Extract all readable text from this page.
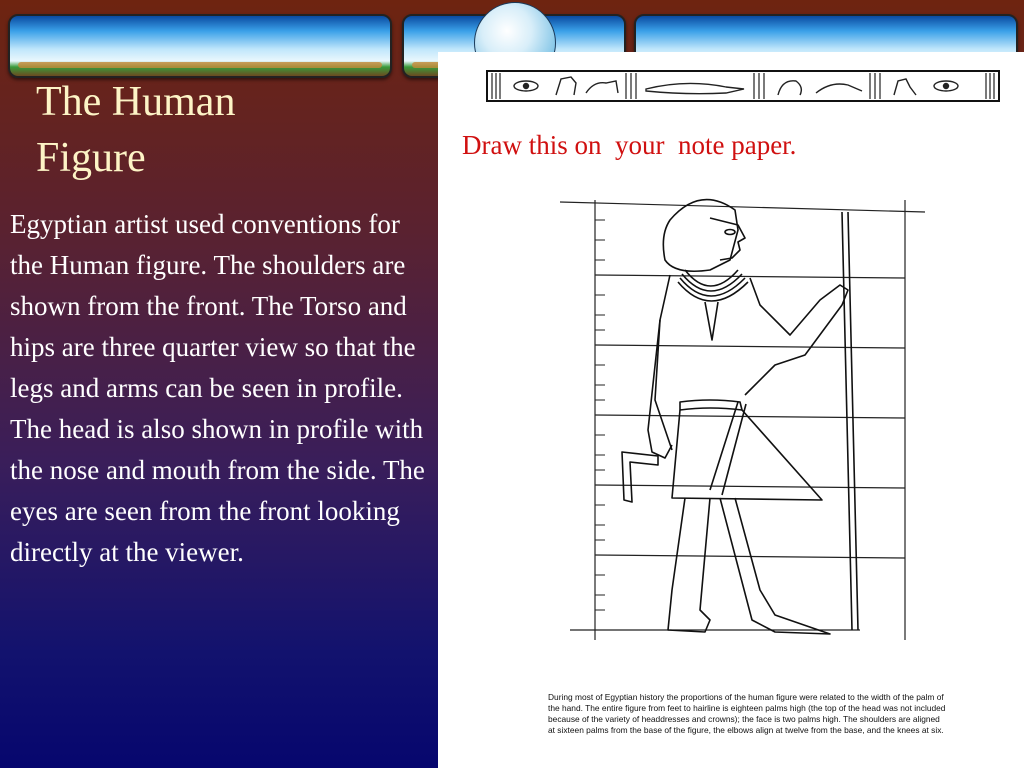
The Human
Figure

Egyptian artist used conventions for the Human figure. The shoulders are shown from the front. The Torso and hips are three quarter view so that the legs and arms can be seen in profile. The head is also shown in profile with the nose and mouth from the side. The eyes are seen from the front looking directly at the viewer.

Draw this on  your  note paper.

During most of Egyptian history the proportions of the human figure were related to the width of the palm of the hand. The entire figure from feet to hairline is eighteen palms high (the top of the head was not included because of the variety of headdresses and crowns); the face is two palms high. The shoulders are aligned at sixteen palms from the base of the figure, the elbows align at twelve from the base, and the knees at six.
